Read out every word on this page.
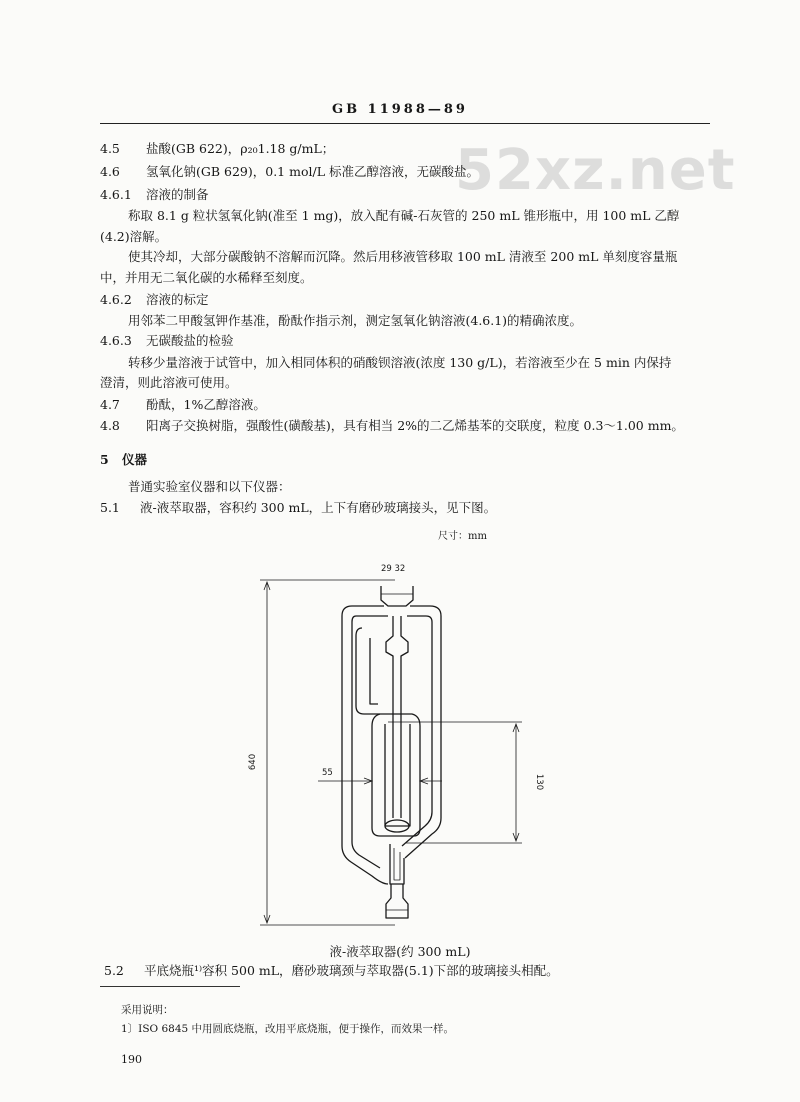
GB 11988—89
52xz.net
4.5 盐酸(GB 622)，ρ₂₀1.18 g/mL；
4.6 氢氧化钠(GB 629)，0.1 mol/L 标准乙醇溶液，无碳酸盐。
4.6.1 溶液的制备
称取 8.1 g 粒状氢氧化钠(准至 1 mg)，放入配有碱-石灰管的 250 mL 锥形瓶中，用 100 mL 乙醇
(4.2)溶解。
使其冷却，大部分碳酸钠不溶解而沉降。然后用移液管移取 100 mL 清液至 200 mL 单刻度容量瓶
中，并用无二氧化碳的水稀释至刻度。
4.6.2 溶液的标定
用邻苯二甲酸氢钾作基准，酚酞作指示剂，测定氢氧化钠溶液(4.6.1)的精确浓度。
4.6.3 无碳酸盐的检验
转移少量溶液于试管中，加入相同体积的硝酸钡溶液(浓度 130 g/L)，若溶液至少在 5 min 内保持
澄清，则此溶液可使用。
4.7 酚酞，1%乙醇溶液。
4.8 阳离子交换树脂，强酸性(磺酸基)，具有相当 2%的二乙烯基苯的交联度，粒度 0.3～1.00 mm。
5 仪器
普通实验室仪器和以下仪器：
5.1 液-液萃取器，容积约 300 mL，上下有磨砂玻璃接头，见下图。
尺寸：mm
29 32
640
55
130
液-液萃取器(约 300 mL)
5.2 平底烧瓶¹⁾容积 500 mL，磨砂玻璃颈与萃取器(5.1)下部的玻璃接头相配。
采用说明：
1〕ISO 6845 中用圆底烧瓶，改用平底烧瓶，便于操作，而效果一样。
190
